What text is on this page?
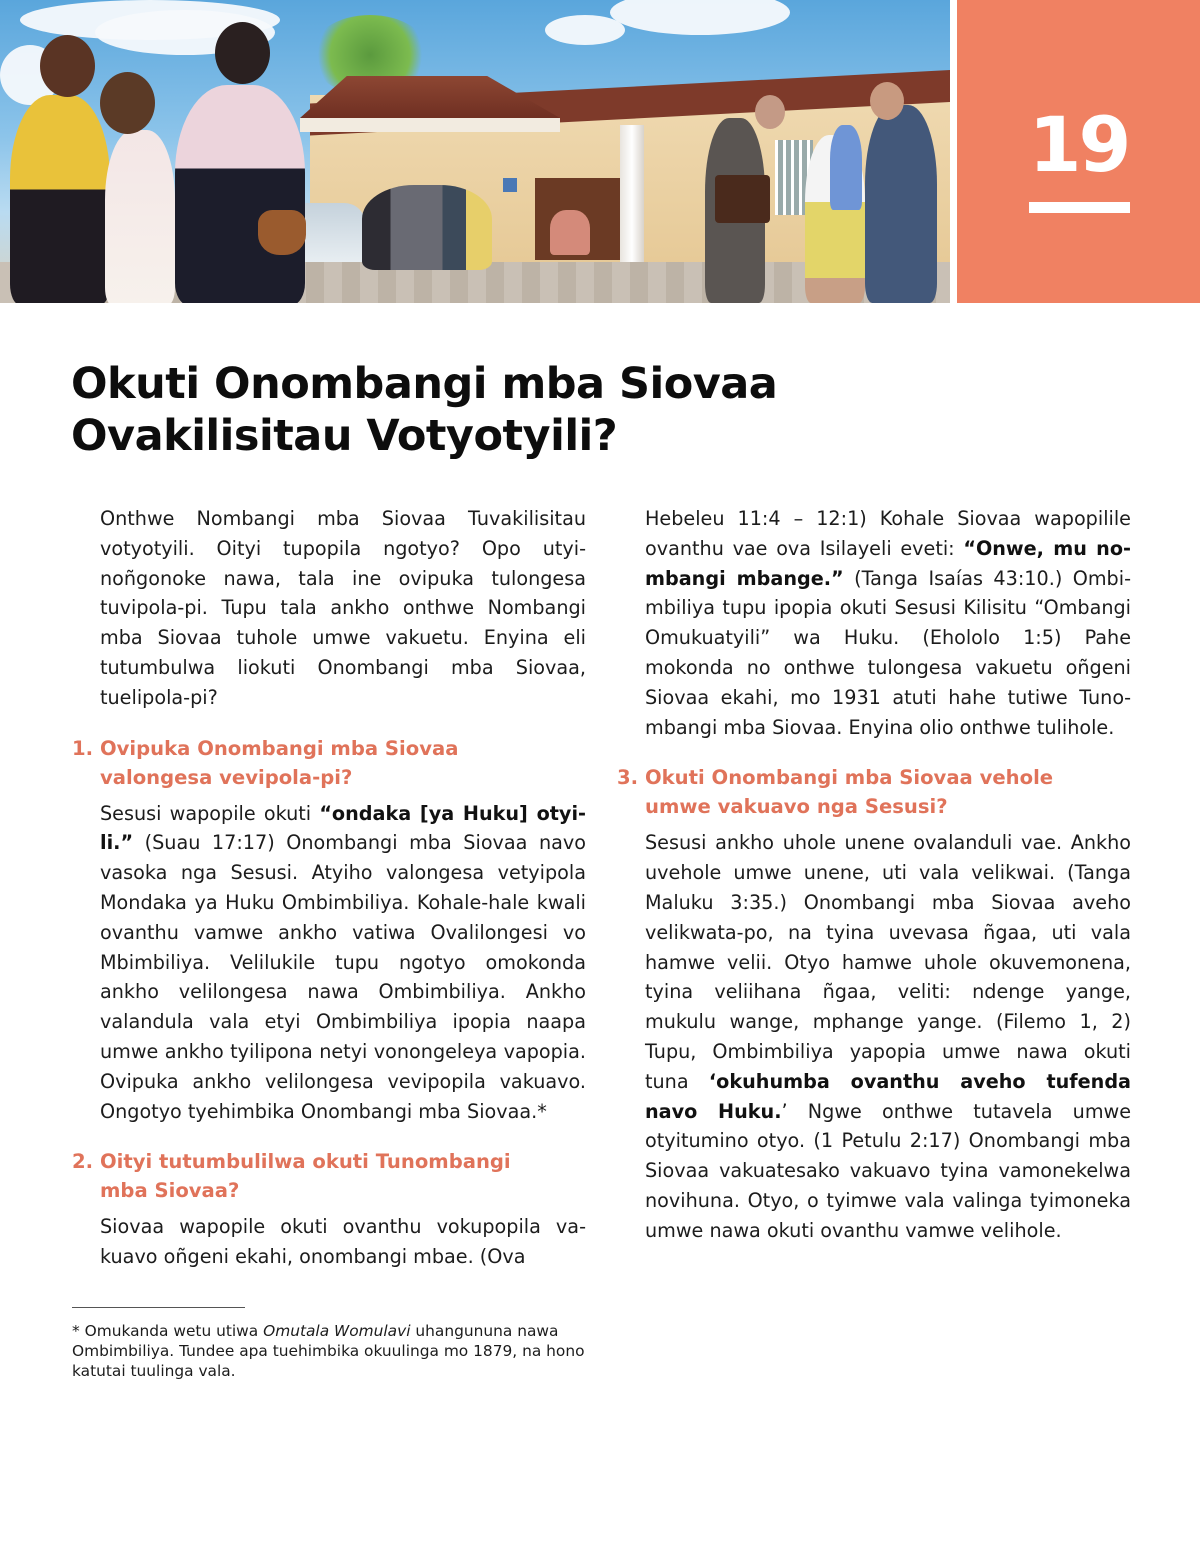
19
Okuti Onombangi mba Siovaa
Ovakilisitau Votyotyili?

Onthwe Nombangi mba Siovaa Tuvakilisitau votyotyili. Oityi tupopila ngotyo? Opo utyinoñgonoke nawa, tala ine ovipuka tulongesa tuvipola-pi. Tupu tala ankho onthwe Nombangi mba Siovaa tuhole umwe vakuetu. Enyina eli tutumbulwa liokuti Onombangi mba Siovaa, tuelipola-pi?

1. Ovipuka Onombangi mba Siovaa
valongesa vevipola-pi?

Sesusi wapopile okuti “ondaka [ya Huku] otyili.” (Suau 17:17) Onombangi mba Siovaa navo vasoka nga Sesusi. Atyiho valongesa vetyipola Mondaka ya Huku Ombimbiliya. Kohale-hale kwali ovanthu vamwe ankho vatiwa Ovalilongesi vo Mbimbiliya. Velilukile tupu ngotyo omokonda ankho velilongesa nawa Ombimbiliya. Ankho valandula vala etyi Ombimbiliya ipopia naapa umwe ankho tyilipona netyi vonongeleya vapopia. Ovipuka ankho velilongesa vevipopila vakuavo. Ongotyo tyehimbika Onombangi mba Siovaa.*

2. Oityi tutumbulilwa okuti Tunombangi
mba Siovaa?

Siovaa wapopile okuti ovanthu vokupopila vakuavo oñgeni ekahi, onombangi mbae. (Ova

* Omukanda wetu utiwa Omutala Womulavi uhangununa nawa Ombimbiliya. Tundee apa tuehimbika okuulinga mo 1879, na hono katutai tuulinga vala.

Hebeleu 11:4 – 12:1) Kohale Siovaa wapopilile ovanthu vae ova Isilayeli eveti: “Onwe, mu nombangi mbange.” (Tanga Isaías 43:10.) Ombimbiliya tupu ipopia okuti Sesusi Kilisitu “Ombangi Omukuatyili” wa Huku. (Ehololo 1:5) Pahe mokonda no onthwe tulongesa vakuetu oñgeni Siovaa ekahi, mo 1931 atuti hahe tutiwe Tunombangi mba Siovaa. Enyina olio onthwe tulihole.

3. Okuti Onombangi mba Siovaa vehole
umwe vakuavo nga Sesusi?

Sesusi ankho uhole unene ovalanduli vae. Ankho uvehole umwe unene, uti vala velikwai. (Tanga Maluku 3:35.) Onombangi mba Siovaa aveho velikwata-po, na tyina uvevasa ñgaa, uti vala hamwe velii. Otyo hamwe uhole okuvemonena, tyina veliihana ñgaa, veliti: ndenge yange, mukulu wange, mphange yange. (Filemo 1, 2) Tupu, Ombimbiliya yapopia umwe nawa okuti tuna ‘okuhumba ovanthu aveho tufenda navo Huku.’ Ngwe onthwe tutavela umwe otyitumino otyo. (1 Petulu 2:17) Onombangi mba Siovaa vakuatesako vakuavo tyina vamonekelwa novihuna. Otyo, o tyimwe vala valinga tyimoneka umwe nawa okuti ovanthu vamwe velihole.
